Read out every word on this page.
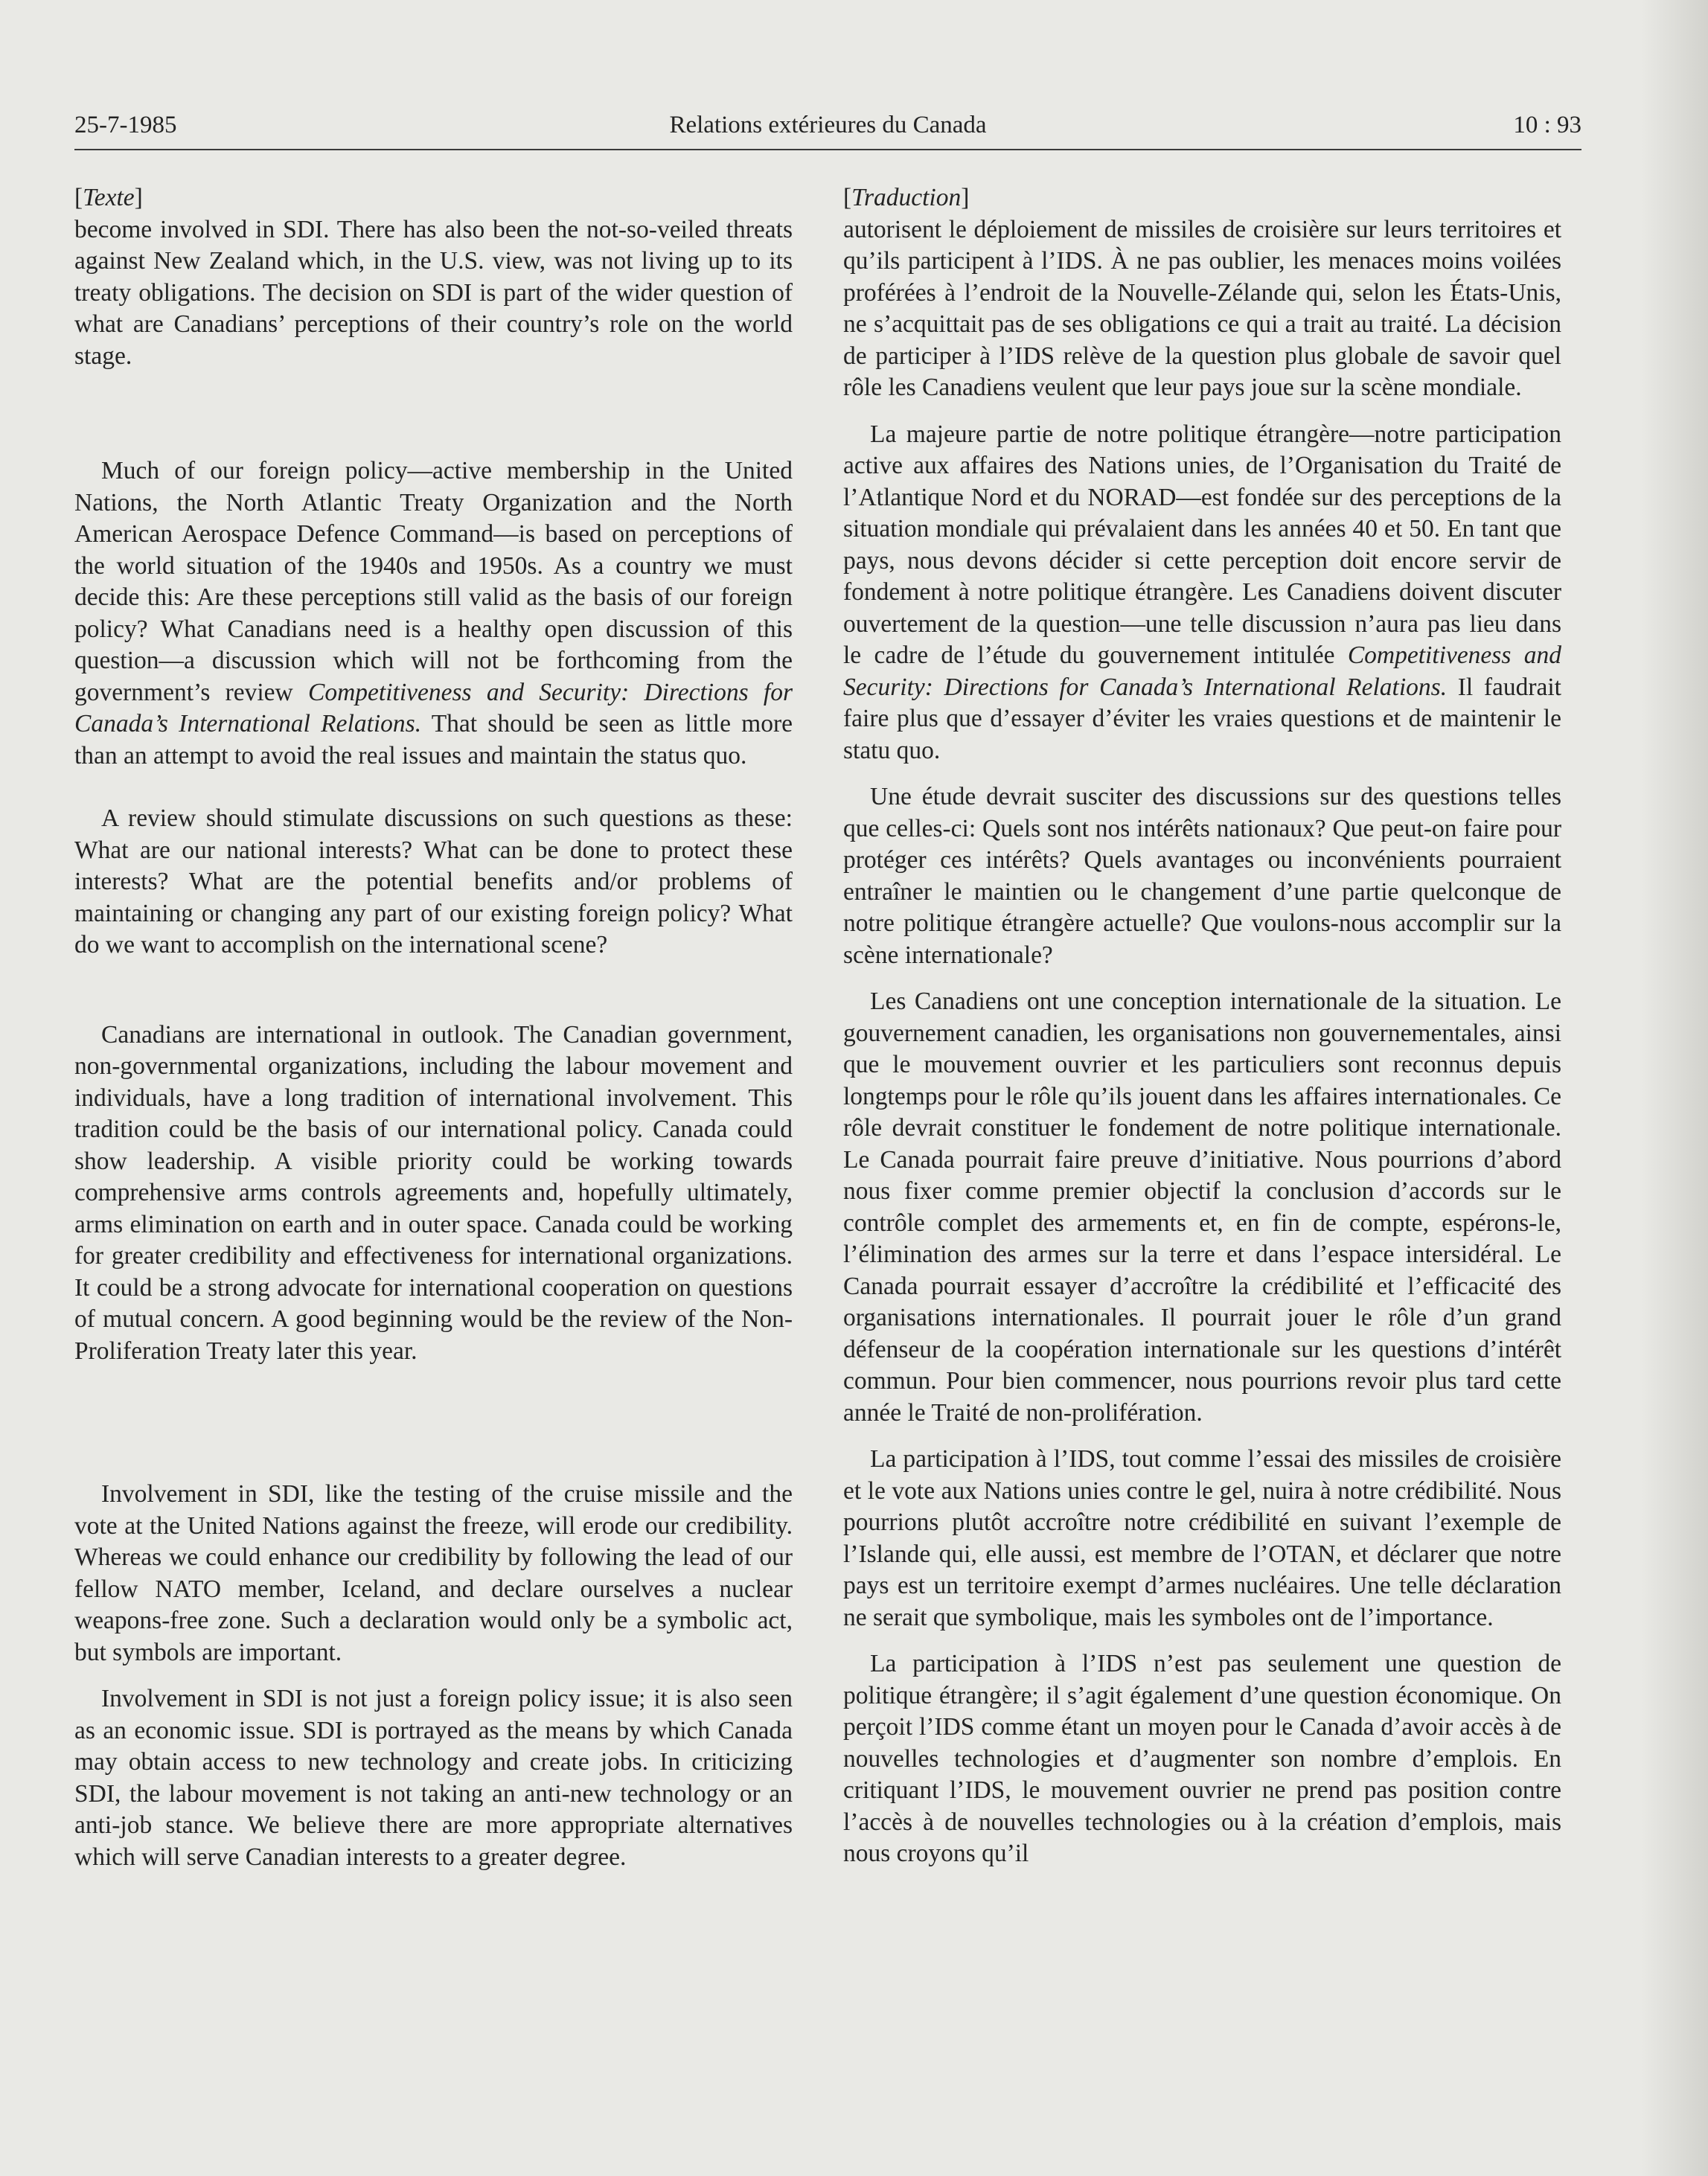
25-7-1985	Relations extérieures du Canada	10 : 93
[Texte]

become involved in SDI. There has also been the not-so-veiled threats against New Zealand which, in the U.S. view, was not living up to its treaty obligations. The decision on SDI is part of the wider question of what are Canadians’ perceptions of their country’s role on the world stage.

Much of our foreign policy—active membership in the United Nations, the North Atlantic Treaty Organization and the North American Aerospace Defence Command—is based on perceptions of the world situation of the 1940s and 1950s. As a country we must decide this: Are these perceptions still valid as the basis of our foreign policy? What Canadians need is a healthy open discussion of this question—a discussion which will not be forthcoming from the government’s review Competitiveness and Security: Directions for Canada’s International Relations. That should be seen as little more than an attempt to avoid the real issues and maintain the status quo.

A review should stimulate discussions on such questions as these: What are our national interests? What can be done to protect these interests? What are the potential benefits and/or problems of maintaining or changing any part of our existing foreign policy? What do we want to accomplish on the international scene?

Canadians are international in outlook. The Canadian government, non-governmental organizations, including the labour movement and individuals, have a long tradition of international involvement. This tradition could be the basis of our international policy. Canada could show leadership. A visible priority could be working towards comprehensive arms controls agreements and, hopefully ultimately, arms elimination on earth and in outer space. Canada could be working for greater credibility and effectiveness for international organizations. It could be a strong advocate for international cooperation on questions of mutual concern. A good beginning would be the review of the Non-Proliferation Treaty later this year.

Involvement in SDI, like the testing of the cruise missile and the vote at the United Nations against the freeze, will erode our credibility. Whereas we could enhance our credibility by following the lead of our fellow NATO member, Iceland, and declare ourselves a nuclear weapons-free zone. Such a declaration would only be a symbolic act, but symbols are important.

Involvement in SDI is not just a foreign policy issue; it is also seen as an economic issue. SDI is portrayed as the means by which Canada may obtain access to new technology and create jobs. In criticizing SDI, the labour movement is not taking an anti-new technology or an anti-job stance. We believe there are more appropriate alternatives which will serve Canadian interests to a greater degree.

[Traduction]

autorisent le déploiement de missiles de croisière sur leurs territoires et qu’ils participent à l’IDS. À ne pas oublier, les menaces moins voilées proférées à l’endroit de la Nouvelle-Zélande qui, selon les États-Unis, ne s’acquittait pas de ses obligations ce qui a trait au traité. La décision de participer à l’IDS relève de la question plus globale de savoir quel rôle les Canadiens veulent que leur pays joue sur la scène mondiale.

La majeure partie de notre politique étrangère—notre participation active aux affaires des Nations unies, de l’Organisation du Traité de l’Atlantique Nord et du NORAD—est fondée sur des perceptions de la situation mondiale qui prévalaient dans les années 40 et 50. En tant que pays, nous devons décider si cette perception doit encore servir de fondement à notre politique étrangère. Les Canadiens doivent discuter ouvertement de la question—une telle discussion n’aura pas lieu dans le cadre de l’étude du gouvernement intitulée Competitiveness and Security: Directions for Canada’s International Relations. Il faudrait faire plus que d’essayer d’éviter les vraies questions et de maintenir le statu quo.

Une étude devrait susciter des discussions sur des questions telles que celles-ci: Quels sont nos intérêts nationaux? Que peut-on faire pour protéger ces intérêts? Quels avantages ou inconvénients pourraient entraîner le maintien ou le changement d’une partie quelconque de notre politique étrangère actuelle? Que voulons-nous accomplir sur la scène internationale?

Les Canadiens ont une conception internationale de la situation. Le gouvernement canadien, les organisations non gouvernementales, ainsi que le mouvement ouvrier et les particuliers sont reconnus depuis longtemps pour le rôle qu’ils jouent dans les affaires internationales. Ce rôle devrait constituer le fondement de notre politique internationale. Le Canada pourrait faire preuve d’initiative. Nous pourrions d’abord nous fixer comme premier objectif la conclusion d’accords sur le contrôle complet des armements et, en fin de compte, espérons-le, l’élimination des armes sur la terre et dans l’espace intersidéral. Le Canada pourrait essayer d’accroître la crédibilité et l’efficacité des organisations internationales. Il pourrait jouer le rôle d’un grand défenseur de la coopération internationale sur les questions d’intérêt commun. Pour bien commencer, nous pourrions revoir plus tard cette année le Traité de non-prolifération.

La participation à l’IDS, tout comme l’essai des missiles de croisière et le vote aux Nations unies contre le gel, nuira à notre crédibilité. Nous pourrions plutôt accroître notre crédibilité en suivant l’exemple de l’Islande qui, elle aussi, est membre de l’OTAN, et déclarer que notre pays est un territoire exempt d’armes nucléaires. Une telle déclaration ne serait que symbolique, mais les symboles ont de l’importance.

La participation à l’IDS n’est pas seulement une question de politique étrangère; il s’agit également d’une question économique. On perçoit l’IDS comme étant un moyen pour le Canada d’avoir accès à de nouvelles technologies et d’augmenter son nombre d’emplois. En critiquant l’IDS, le mouvement ouvrier ne prend pas position contre l’accès à de nouvelles technologies ou à la création d’emplois, mais nous croyons qu’il
